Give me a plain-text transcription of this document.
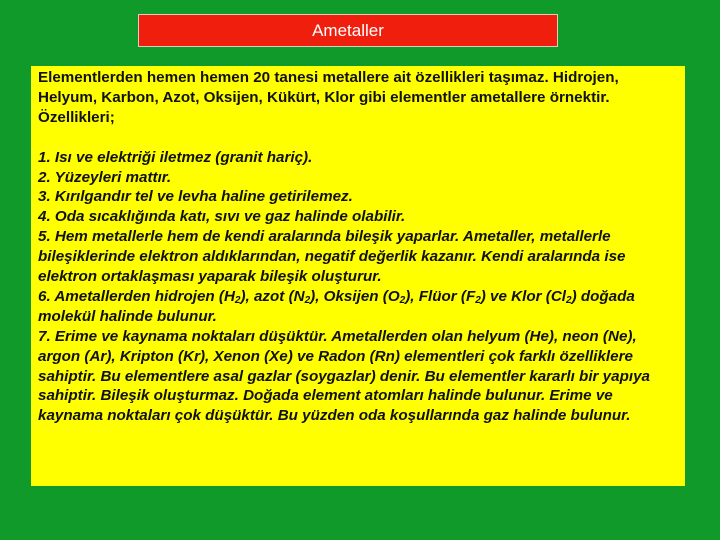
Ametaller

Elementlerden hemen hemen 20 tanesi metallere ait özellikleri taşımaz. Hidrojen, Helyum, Karbon, Azot, Oksijen, Kükürt, Klor gibi elementler ametallere örnektir. Özellikleri;

1. Isı ve elektriği iletmez (granit hariç).
2. Yüzeyleri mattır.
3. Kırılgandır tel ve levha haline getirilemez.
4. Oda sıcaklığında katı, sıvı ve gaz halinde olabilir.
5. Hem metallerle hem de kendi aralarında bileşik yaparlar. Ametaller, metallerle bileşiklerinde elektron aldıklarından, negatif değerlik kazanır. Kendi aralarında ise elektron ortaklaşması yaparak bileşik oluşturur.
6. Ametallerden hidrojen $(H_2)$, azot $(N_2)$, Oksijen $(O_2)$, Flüor $(F_2)$ ve Klor $(Cl_2)$ doğada molekül halinde bulunur.
7. Erime ve kaynama noktaları düşüktür. Ametallerden olan helyum (He), neon (Ne), argon (Ar), Kripton (Kr), Xenon (Xe) ve Radon (Rn) elementleri çok farklı özelliklere sahiptir. Bu elementlere asal gazlar (soygazlar) denir. Bu elementler kararlı bir yapıya sahiptir. Bileşik oluşturmaz. Doğada element atomları halinde bulunur. Erime ve kaynama noktaları çok düşüktür. Bu yüzden oda koşullarında gaz halinde bulunur.
